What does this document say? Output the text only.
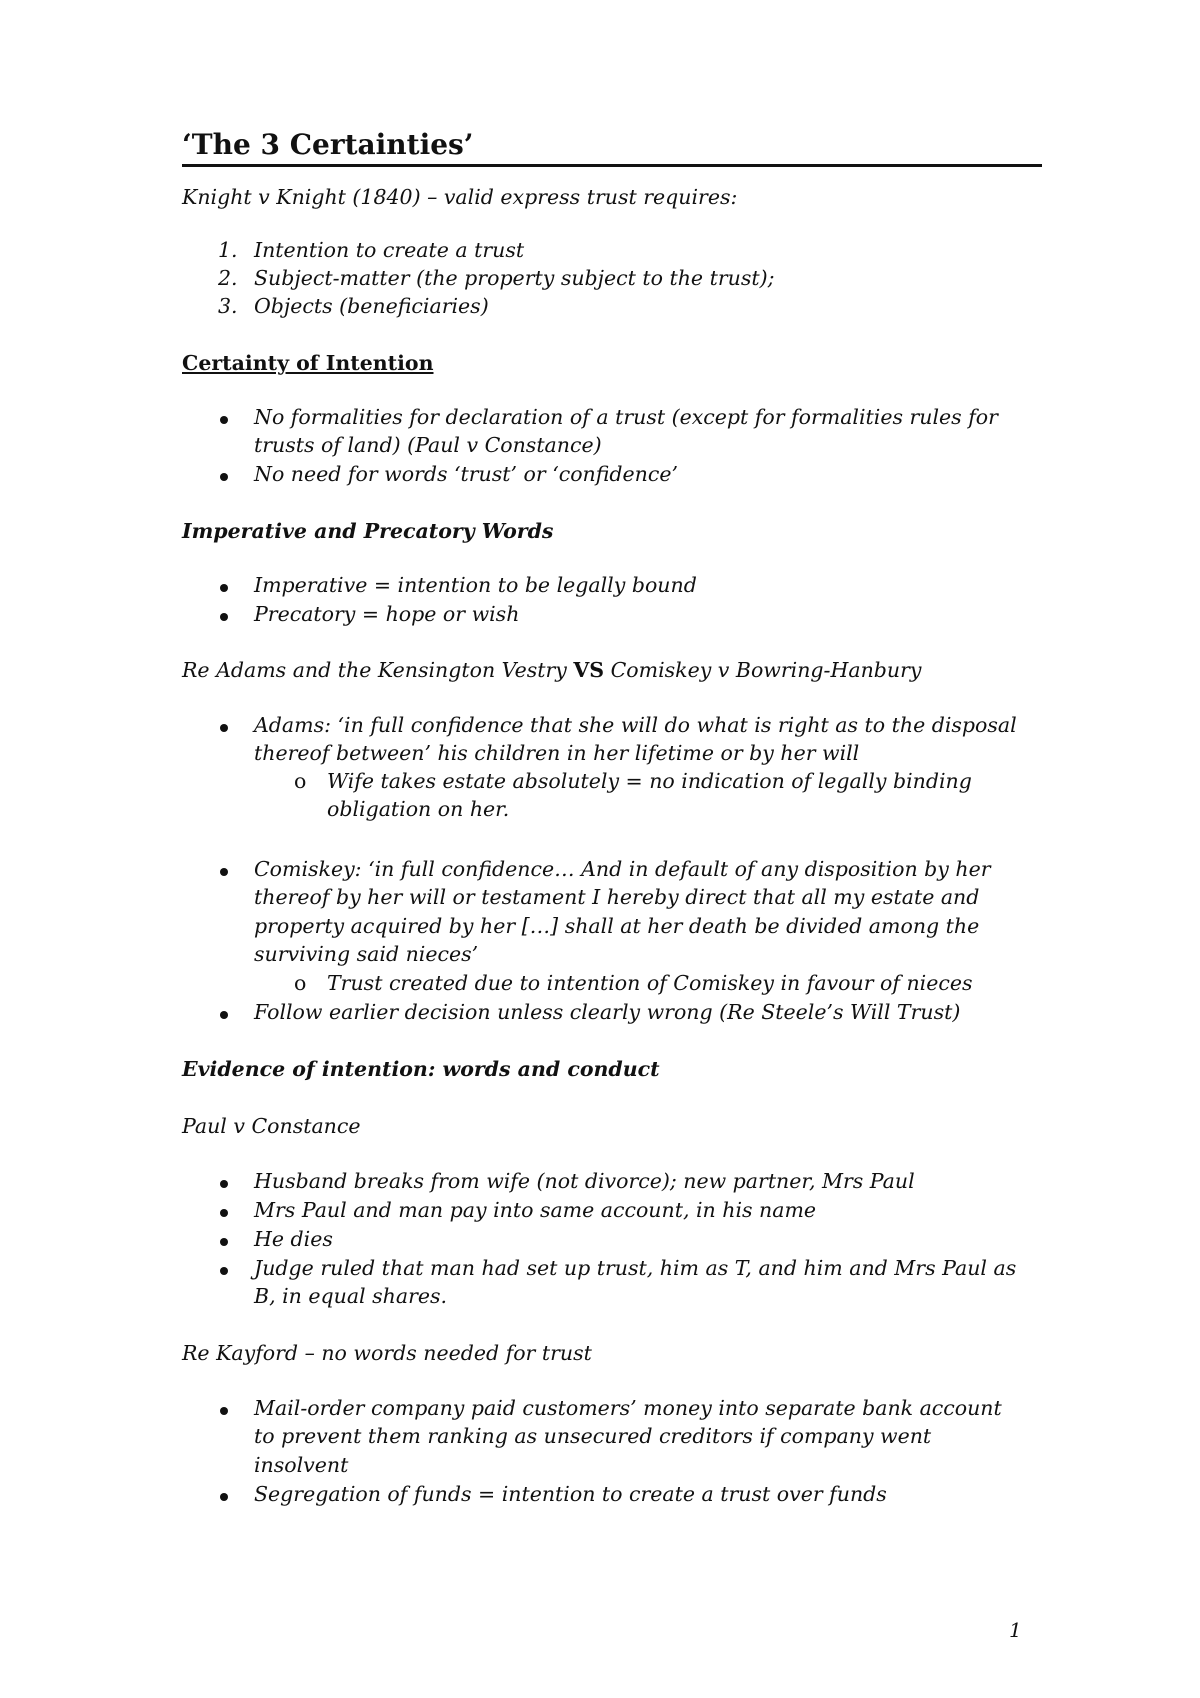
‘The 3 Certainties’

Knight v Knight (1840) – valid express trust requires:

1. Intention to create a trust

2. Subject-matter (the property subject to the trust);

3. Objects (beneficiaries)

Certainty of Intention

No formalities for declaration of a trust (except for formalities rules for

trusts of land) (Paul v Constance)

No need for words ‘trust’ or ‘confidence’

Imperative and Precatory Words

Imperative = intention to be legally bound

Precatory = hope or wish

Re Adams and the Kensington Vestry VS Comiskey v Bowring-Hanbury

Adams: ‘in full confidence that she will do what is right as to the disposal

thereof between’ his children in her lifetime or by her will

o Wife takes estate absolutely = no indication of legally binding

obligation on her.

Comiskey: ‘in full confidence… And in default of any disposition by her

thereof by her will or testament I hereby direct that all my estate and

property acquired by her […] shall at her death be divided among the

surviving said nieces’

o Trust created due to intention of Comiskey in favour of nieces

Follow earlier decision unless clearly wrong (Re Steele’s Will Trust)

Evidence of intention: words and conduct

Paul v Constance

Husband breaks from wife (not divorce); new partner, Mrs Paul

Mrs Paul and man pay into same account, in his name

He dies

Judge ruled that man had set up trust, him as T, and him and Mrs Paul as

B, in equal shares.

Re Kayford – no words needed for trust

Mail-order company paid customers’ money into separate bank account

to prevent them ranking as unsecured creditors if company went

insolvent

Segregation of funds = intention to create a trust over funds

1
